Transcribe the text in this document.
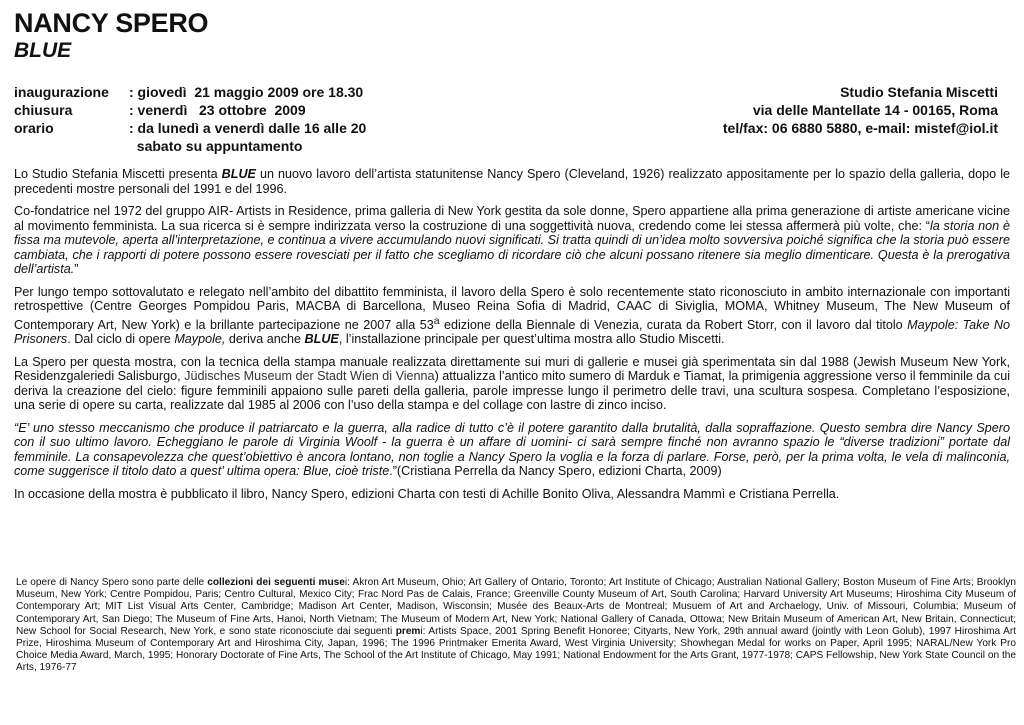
NANCY SPERO
BLUE
inaugurazione	: giovedì  21 maggio 2009 ore 18.30
chiusura	: venerdì   23 ottobre  2009
orario	: da lunedì a venerdì dalle 16 alle 20
sabato su appuntamento
Studio Stefania Miscetti
via delle Mantellate 14 - 00165, Roma
tel/fax: 06 6880 5880, e-mail: mistef@iol.it

Lo Studio Stefania Miscetti presenta BLUE un nuovo lavoro dell’artista statunitense Nancy Spero (Cleveland, 1926) realizzato appositamente per lo spazio della galleria, dopo le precedenti mostre personali del 1991 e del 1996.

Co-fondatrice nel 1972 del gruppo AIR- Artists in Residence, prima galleria di New York gestita da sole donne, Spero appartiene alla prima generazione di artiste americane vicine al movimento femminista. La sua ricerca si è sempre indirizzata verso la costruzione di una soggettività nuova, credendo come lei stessa affermerà più volte, che: “la storia non è fissa ma mutevole, aperta all’interpretazione, e continua a vivere accumulando nuovi significati. Si tratta quindi di un’idea molto sovversiva poiché significa che la storia può essere cambiata, che i rapporti di potere possono essere rovesciati per il fatto che scegliamo di ricordare ciò che alcuni possano ritenere sia meglio dimenticare. Questa è la prerogativa dell’artista.”

Per lungo tempo sottovalutato e relegato nell’ambito del dibattito femminista, il lavoro della Spero è solo recentemente stato riconosciuto in ambito internazionale con importanti retrospettive (Centre Georges Pompidou Paris, MACBA di Barcellona, Museo Reina Sofia di Madrid, CAAC di Siviglia, MOMA, Whitney Museum, The New Museum of Contemporary Art, New York) e la brillante partecipazione ne 2007 alla 53$^a$ edizione della Biennale di Venezia, curata da Robert Storr, con il lavoro dal titolo Maypole: Take No Prisoners. Dal ciclo di opere Maypole, deriva anche BLUE, l’installazione principale per quest’ultima mostra allo Studio Miscetti.

La Spero per questa mostra, con la tecnica della stampa manuale realizzata direttamente sui muri di gallerie e musei già sperimentata sin dal 1988 (Jewish Museum New York, Residenzgaleriedi Salisburgo, Jüdisches Museum der Stadt Wien di Vienna) attualizza l’antico mito sumero di Marduk e Tiamat, la primigenia aggressione verso il femminile da cui deriva la creazione del cielo: figure femminili appaiono sulle pareti della galleria, parole impresse lungo il perimetro delle travi, una scultura sospesa. Completano l’esposizione, una serie di opere su carta, realizzate dal 1985 al 2006 con l’uso della stampa e del collage con lastre di zinco inciso.

“E’ uno stesso meccanismo che produce il patriarcato e la guerra, alla radice di tutto c’è il potere garantito dalla brutalità, dalla sopraffazione. Questo sembra dire Nancy Spero con il suo ultimo lavoro. Echeggiano le parole di Virginia Woolf - la guerra è un affare di uomini- ci sarà sempre finché non avranno spazio le “diverse tradizioni” portate dal femminile. La consapevolezza che quest’obiettivo è ancora lontano, non toglie a Nancy Spero la voglia e la forza di parlare. Forse, però, per la prima volta, le vela di malinconia, come suggerisce il titolo dato a quest’ ultima opera: Blue, cioè triste.”(Cristiana Perrella da Nancy Spero, edizioni Charta, 2009)

In occasione della mostra è pubblicato il libro, Nancy Spero, edizioni Charta con testi di Achille Bonito Oliva, Alessandra Mammì e Cristiana Perrella.

Le opere di Nancy Spero sono parte delle collezioni dei seguenti musei: Akron Art Museum, Ohio; Art Gallery of Ontario, Toronto; Art Institute of Chicago; Australian National Gallery; Boston Museum of Fine Arts; Brooklyn Museum, New York; Centre Pompidou, Paris; Centro Cultural, Mexico City; Frac Nord Pas de Calais, France; Greenville County Museum of Art, South Carolina; Harvard University Art Museums; Hiroshima City Museum of Contemporary Art; MIT List Visual Arts Center, Cambridge; Madison Art Center, Madison, Wisconsin; Musée des Beaux-Arts de Montreal; Musuem of Art and Archaelogy, Univ. of Missouri, Columbia; Museum of Contemporary Art, San Diego; The Museum of Fine Arts, Hanoi, North Vietnam; The Museum of Modern Art, New York; National Gallery of Canada, Ottowa; New Britain Museum of American Art, New Britain, Connecticut; New School for Social Research, New York, e sono state riconosciute dai seguenti premi: Artists Space, 2001 Spring Benefit Honoree; Cityarts, New York, 29th annual award (jointly with Leon Golub), 1997 Hiroshima Art Prize, Hiroshima Museum of Contemporary Art and Hiroshima City, Japan, 1996; The 1996 Printmaker Emerita Award, West Virginia University; Showhegan Medal for works on Paper, April 1995; NARAL/New York Pro Choice Media Award, March, 1995; Honorary Doctorate of Fine Arts, The School of the Art Institute of Chicago, May 1991; National Endowment for the Arts Grant, 1977-1978; CAPS Fellowship, New York State Council on the Arts, 1976-77
